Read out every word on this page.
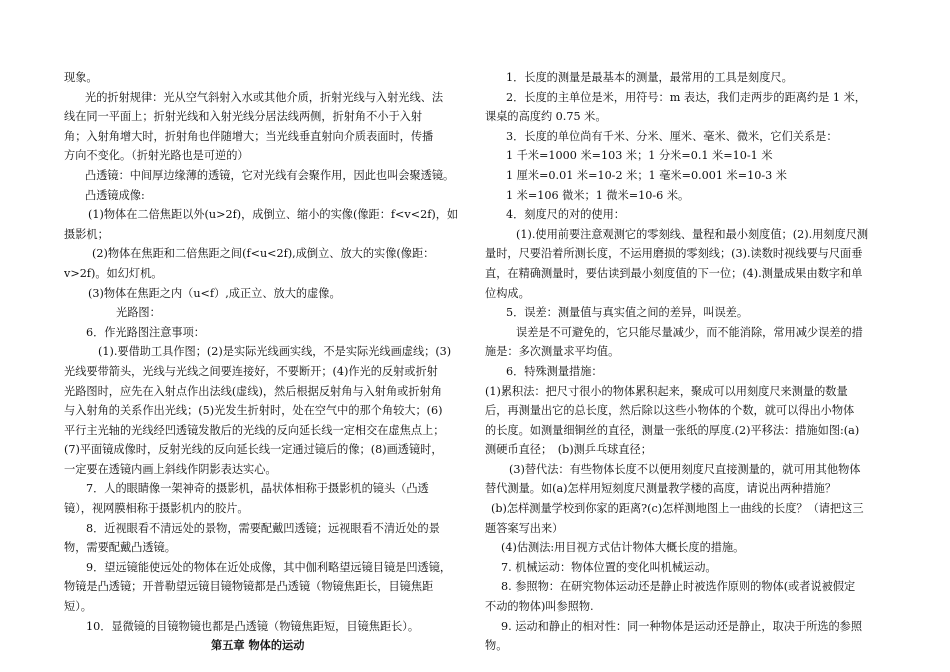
现象。
光的折射规律：光从空气斜射入水或其他介质，折射光线与入射光线、法
线在同一平面上；折射光线和入射光线分居法线两侧，折射角不小于入射
角；入射角增大时，折射角也伴随增大；当光线垂直射向介质表面时，传播
方向不变化。（折射光路也是可逆的）
凸透镜：中间厚边缘薄的透镜，它对光线有会聚作用，因此也叫会聚透镜。
凸透镜成像:
(1)物体在二倍焦距以外(u>2f)，成倒立、缩小的实像(像距：f<v<2f)，如
摄影机；
(2)物体在焦距和二倍焦距之间(f<u<2f),成倒立、放大的实像(像距：
v>2f)。如幻灯机。
(3)物体在焦距之内（u<f）,成正立、放大的虚像。
光路图：
6．作光路图注意事项：
(1).要借助工具作图；(2)是实际光线画实线，不是实际光线画虚线；(3)
光线要带箭头，光线与光线之间要连接好，不要断开；(4)作光的反射或折射
光路图时，应先在入射点作出法线(虚线)，然后根据反射角与入射角或折射角
与入射角的关系作出光线；(5)光发生折射时，处在空气中的那个角较大；(6)
平行主光轴的光线经凹透镜发散后的光线的反向延长线一定相交在虚焦点上；
(7)平面镜成像时，反射光线的反向延长线一定通过镜后的像；(8)画透镜时，
一定要在透镜内画上斜线作阴影表达实心。
7．人的眼睛像一架神奇的摄影机，晶状体相称于摄影机的镜头（凸透
镜），视网膜相称于摄影机内的胶片。
8．近视眼看不清远处的景物，需要配戴凹透镜；远视眼看不清近处的景
物，需要配戴凸透镜。
9．望远镜能使远处的物体在近处成像，其中伽利略望远镜目镜是凹透镜，
物镜是凸透镜；开普勒望远镜目镜物镜都是凸透镜（物镜焦距长，目镜焦距
短）。
10．显微镜的目镜物镜也都是凸透镜（物镜焦距短，目镜焦距长）。
第五章 物体的运动
1．长度的测量是最基本的测量，最常用的工具是刻度尺。
2．长度的主单位是米，用符号：m 表达，我们走两步的距离约是 1 米，
课桌的高度约 0.75 米。
3．长度的单位尚有千米、分米、厘米、毫米、微米，它们关系是：
1 千米=1000 米=103 米；1 分米=0.1 米=10-1 米
1 厘米=0.01 米=10-2 米；1 毫米=0.001 米=10-3 米
1 米=106 微米；1 微米=10-6 米。
4．刻度尺的对的使用：
(1).使用前要注意观测它的零刻线、量程和最小刻度值；(2).用刻度尺测
量时，尺要沿着所测长度，不运用磨损的零刻线；(3).读数时视线要与尺面垂
直，在精确测量时，要估读到最小刻度值的下一位；(4).测量成果由数字和单
位构成。
5．误差：测量值与真实值之间的差异，叫误差。
误差是不可避免的，它只能尽量减少，而不能消除，常用减少误差的措
施是：多次测量求平均值。
6．特殊测量措施：
(1)累积法：把尺寸很小的物体累积起来，聚成可以用刻度尺来测量的数量
后，再测量出它的总长度，然后除以这些小物体的个数，就可以得出小物体
的长度。如测量细铜丝的直径，测量一张纸的厚度.(2)平移法：措施如图:(a)
测硬币直径；　(b)测乒乓球直径；
(3)替代法：有些物体长度不以便用刻度尺直接测量的，就可用其他物体
替代测量。如(a)怎样用短刻度尺测量教学楼的高度，请说出两种措施？
(b)怎样测量学校到你家的距离?(c)怎样测地图上一曲线的长度？（请把这三
题答案写出来）
(4)估测法:用目视方式估计物体大概长度的措施。
7. 机械运动：物体位置的变化叫机械运动。
8. 参照物：在研究物体运动还是静止时被选作原则的物体(或者说被假定
不动的物体)叫参照物.
9. 运动和静止的相对性：同一种物体是运动还是静止，取决于所选的参照
物。
